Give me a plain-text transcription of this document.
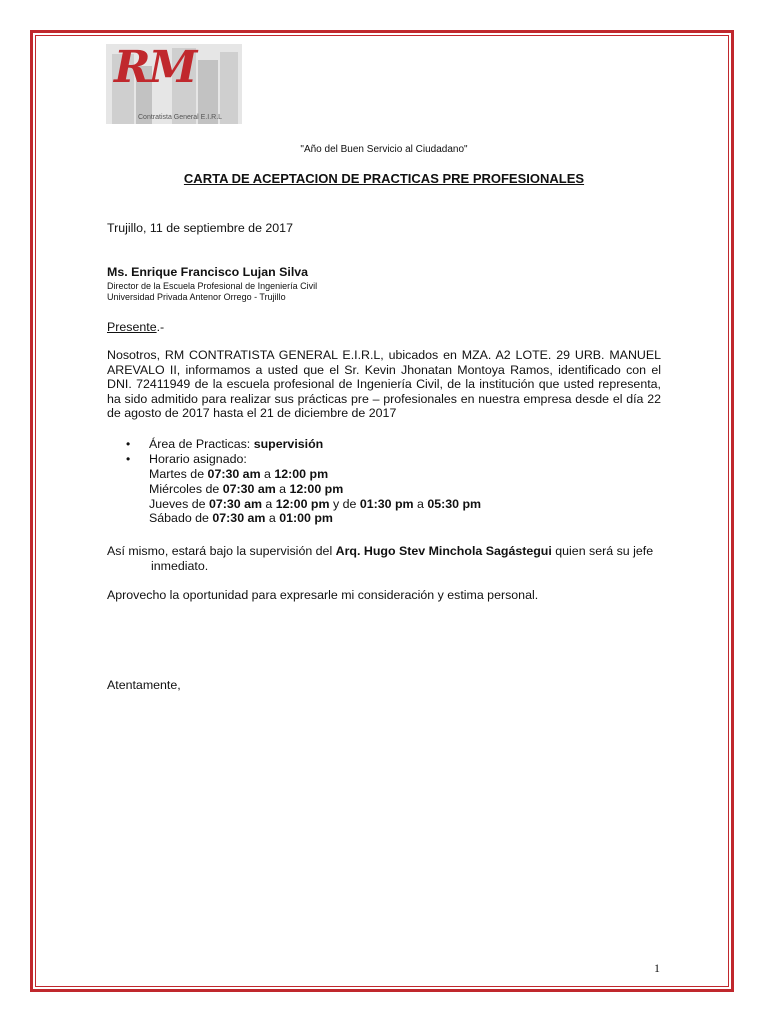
RM
Contratista General E.I.R.L
"Año del Buen Servicio al Ciudadano"
CARTA DE ACEPTACION DE PRACTICAS PRE PROFESIONALES
Trujillo, 11 de septiembre de 2017
Ms. Enrique Francisco Lujan Silva
Director de la Escuela Profesional de Ingeniería Civil
Universidad Privada Antenor Orrego - Trujillo
Presente.-
Nosotros, RM CONTRATISTA GENERAL E.I.R.L, ubicados en MZA. A2 LOTE. 29 URB. MANUEL AREVALO II, informamos a usted que el Sr. Kevin Jhonatan Montoya Ramos, identificado con el DNI. 72411949 de la escuela profesional de Ingeniería Civil, de la institución que usted representa, ha sido admitido para realizar sus prácticas pre – profesionales en nuestra empresa desde el día 22 de agosto de 2017 hasta el 21 de diciembre de 2017
• Área de Practicas: supervisión
• Horario asignado:
Martes de 07:30 am a 12:00 pm
Miércoles de 07:30 am a 12:00 pm
Jueves de 07:30 am a 12:00 pm y de 01:30 pm a 05:30 pm
Sábado de 07:30 am a 01:00 pm
Así mismo, estará bajo la supervisión del Arq. Hugo Stev Minchola Sagástegui quien será su jefe inmediato.
Aprovecho la oportunidad para expresarle mi consideración y estima personal.
Atentamente,
1
